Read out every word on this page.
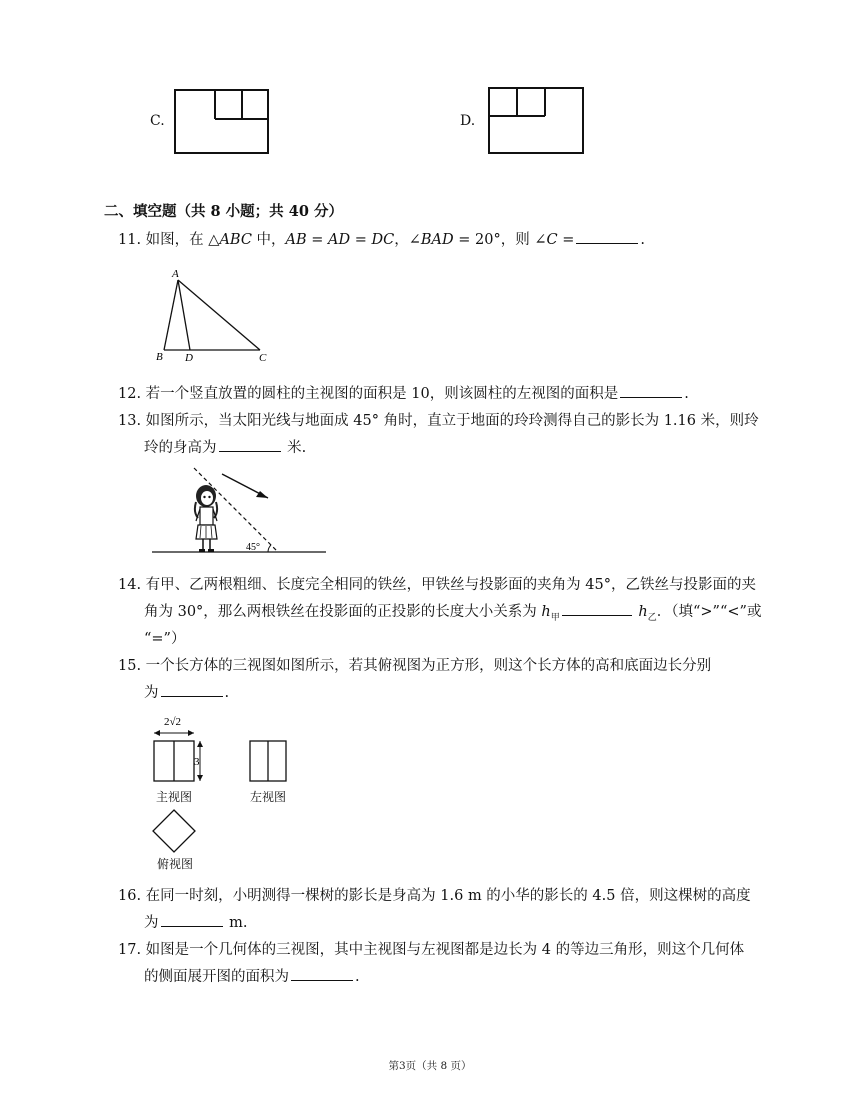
C.	D.
二、填空题（共 8 小题；共 40 分）
11. 如图，在 △ABC 中，AB = AD = DC，∠BAD = 20°，则 ∠C =	.
A
B D	C
12. 若一个竖直放置的圆柱的主视图的面积是 10，则该圆柱的左视图的面积是	.
13. 如图所示，当太阳光线与地面成 45° 角时，直立于地面的玲玲测得自己的影长为 1.16 米，则玲
玲的身高为	米.
45°
14. 有甲、乙两根粗细、长度完全相同的铁丝，甲铁丝与投影面的夹角为 45°，乙铁丝与投影面的夹
角为 30°，那么两根铁丝在投影面的正投影的长度大小关系为 $h_甲$	$h_乙$．（填“>”“<”或
“=”）
15. 一个长方体的三视图如图所示，若其俯视图为正方形，则这个长方体的高和底面边长分别
为	.
2√2
3
主视图	左视图
俯视图
16. 在同一时刻，小明测得一棵树的影长是身高为 1.6 m 的小华的影长的 4.5 倍，则这棵树的高度
为	m.
17. 如图是一个几何体的三视图，其中主视图与左视图都是边长为 4 的等边三角形，则这个几何体
的侧面展开图的面积为	.
第3页（共 8 页）
